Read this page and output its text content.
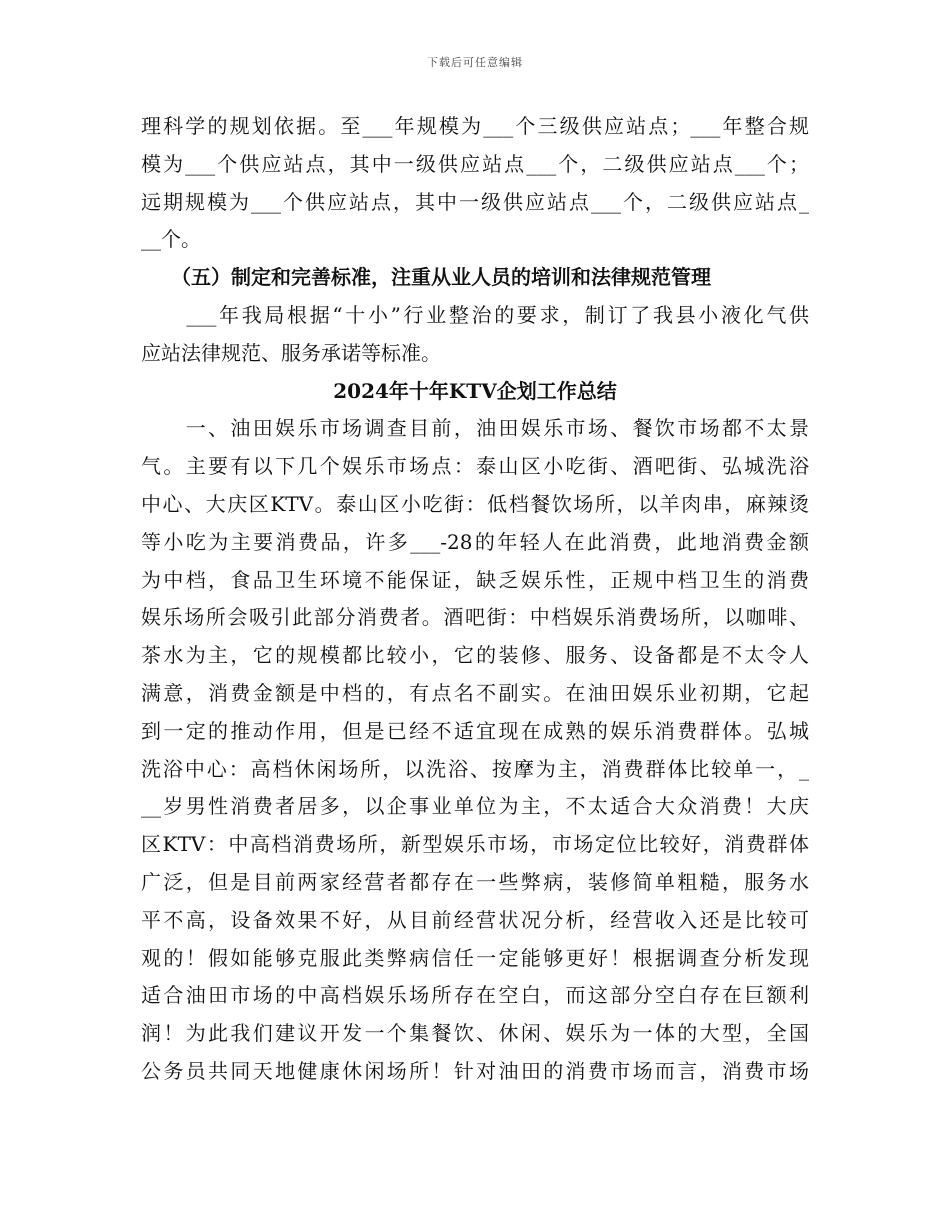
下载后可任意编辑
理科学的规划依据。至___年规模为___个三级供应站点；___年整合规
模为___个供应站点，其中一级供应站点___个，二级供应站点___个；
远期规模为___个供应站点，其中一级供应站点___个，二级供应站点_
__个。
　　（五）制定和完善标准，注重从业人员的培训和法律规范管理
　　___年我局根据“十小”行业整治的要求，制订了我县小液化气供
应站法律规范、服务承诺等标准。
2024年十年KTV企划工作总结
　　一、油田娱乐市场调查目前，油田娱乐市场、餐饮市场都不太景
气。主要有以下几个娱乐市场点：泰山区小吃街、酒吧街、弘城洗浴
中心、大庆区KTV。泰山区小吃街：低档餐饮场所，以羊肉串，麻辣烫
等小吃为主要消费品，许多___-28的年轻人在此消费，此地消费金额
为中档，食品卫生环境不能保证，缺乏娱乐性，正规中档卫生的消费
娱乐场所会吸引此部分消费者。酒吧街：中档娱乐消费场所，以咖啡、
茶水为主，它的规模都比较小，它的装修、服务、设备都是不太令人
满意，消费金额是中档的，有点名不副实。在油田娱乐业初期，它起
到一定的推动作用，但是已经不适宜现在成熟的娱乐消费群体。弘城
洗浴中心：高档休闲场所，以洗浴、按摩为主，消费群体比较单一，_
__岁男性消费者居多，以企事业单位为主，不太适合大众消费！大庆
区KTV：中高档消费场所，新型娱乐市场，市场定位比较好，消费群体
广泛，但是目前两家经营者都存在一些弊病，装修简单粗糙，服务水
平不高，设备效果不好，从目前经营状况分析，经营收入还是比较可
观的！假如能够克服此类弊病信任一定能够更好！根据调查分析发现
适合油田市场的中高档娱乐场所存在空白，而这部分空白存在巨额利
润！为此我们建议开发一个集餐饮、休闲、娱乐为一体的大型，全国
公务员共同天地健康休闲场所！针对油田的消费市场而言，消费市场
